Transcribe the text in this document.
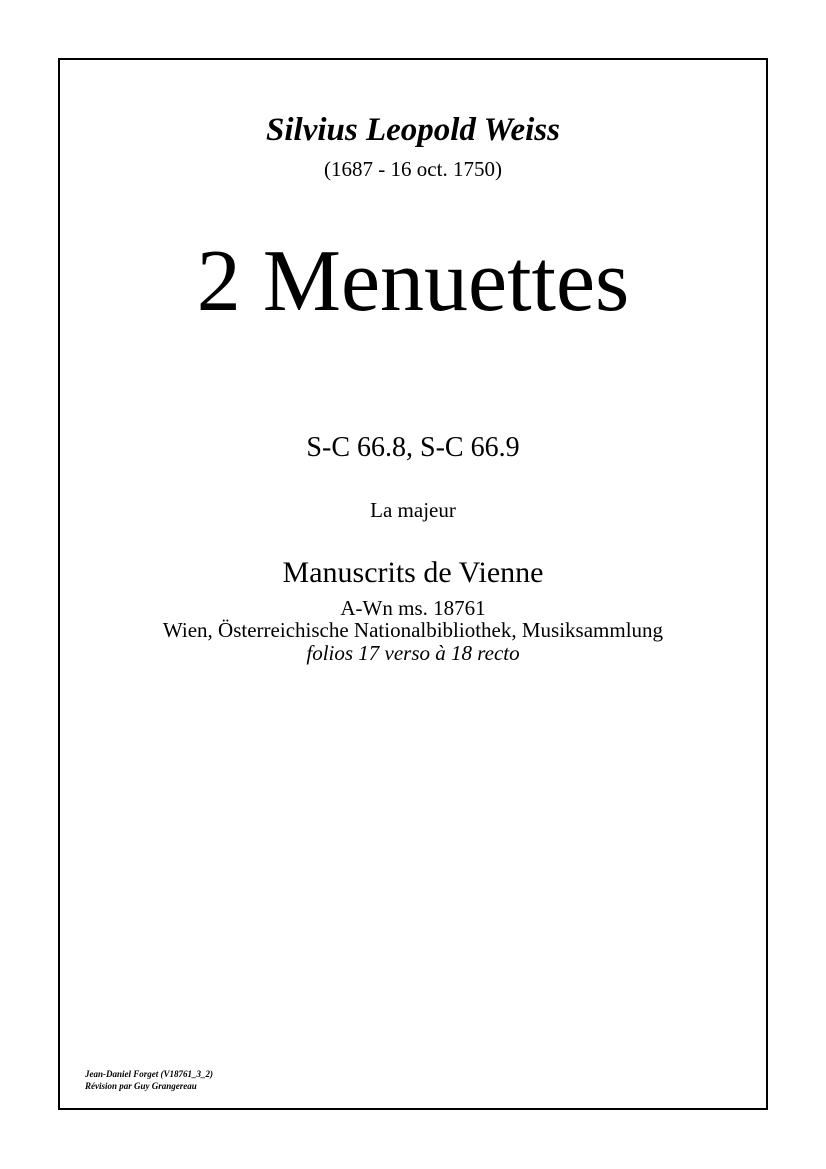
Silvius Leopold Weiss
(1687 - 16 oct. 1750)
2 Menuettes
S-C 66.8, S-C 66.9
La majeur
Manuscrits de Vienne
A-Wn ms. 18761
Wien, Österreichische Nationalbibliothek, Musiksammlung
folios 17 verso à 18 recto
Jean-Daniel Forget (V18761_3_2)
Révision par Guy Grangereau
